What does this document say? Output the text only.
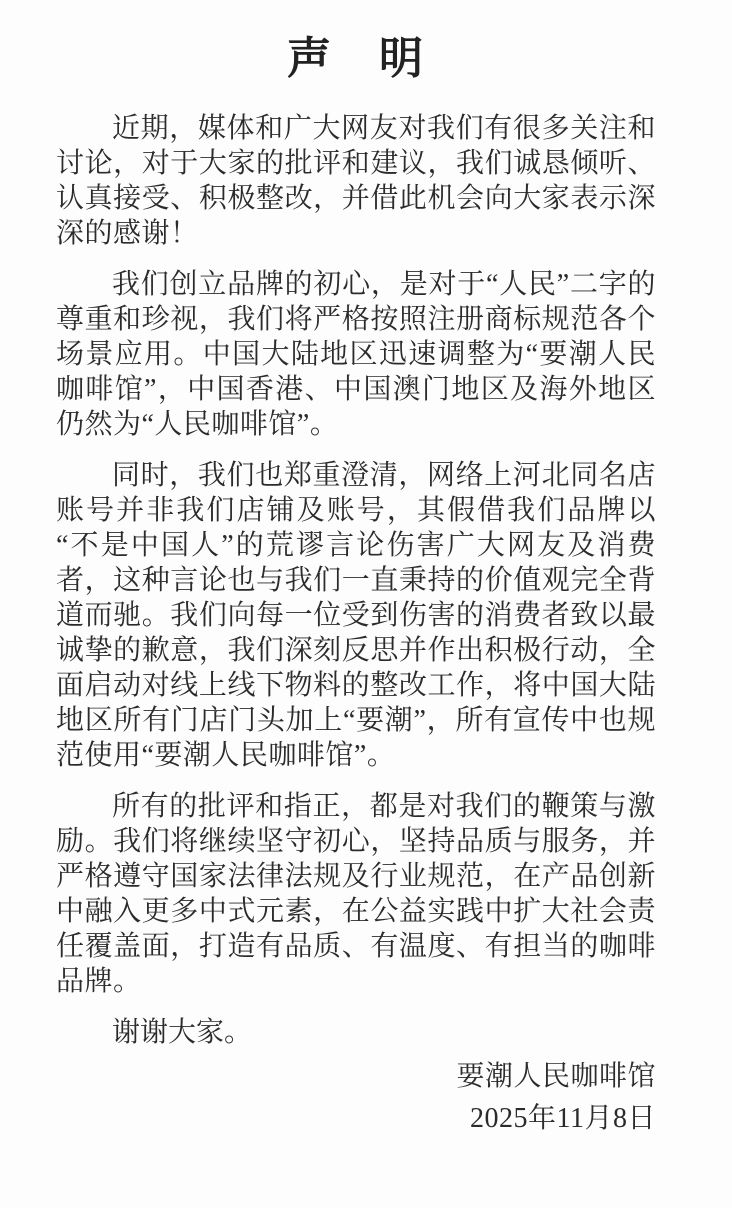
声　明

近期，媒体和广大网友对我们有很多关注和讨论，对于大家的批评和建议，我们诚恳倾听、认真接受、积极整改，并借此机会向大家表示深深的感谢！

我们创立品牌的初心，是对于“人民”二字的尊重和珍视，我们将严格按照注册商标规范各个场景应用。中国大陆地区迅速调整为“要潮人民咖啡馆”，中国香港、中国澳门地区及海外地区仍然为“人民咖啡馆”。

同时，我们也郑重澄清，网络上河北同名店账号并非我们店铺及账号，其假借我们品牌以“不是中国人”的荒谬言论伤害广大网友及消费者，这种言论也与我们一直秉持的价值观完全背道而驰。我们向每一位受到伤害的消费者致以最诚挚的歉意，我们深刻反思并作出积极行动，全面启动对线上线下物料的整改工作，将中国大陆地区所有门店门头加上“要潮”，所有宣传中也规范使用“要潮人民咖啡馆”。

所有的批评和指正，都是对我们的鞭策与激励。我们将继续坚守初心，坚持品质与服务，并严格遵守国家法律法规及行业规范，在产品创新中融入更多中式元素，在公益实践中扩大社会责任覆盖面，打造有品质、有温度、有担当的咖啡品牌。

谢谢大家。

要潮人民咖啡馆
2025年11月8日
